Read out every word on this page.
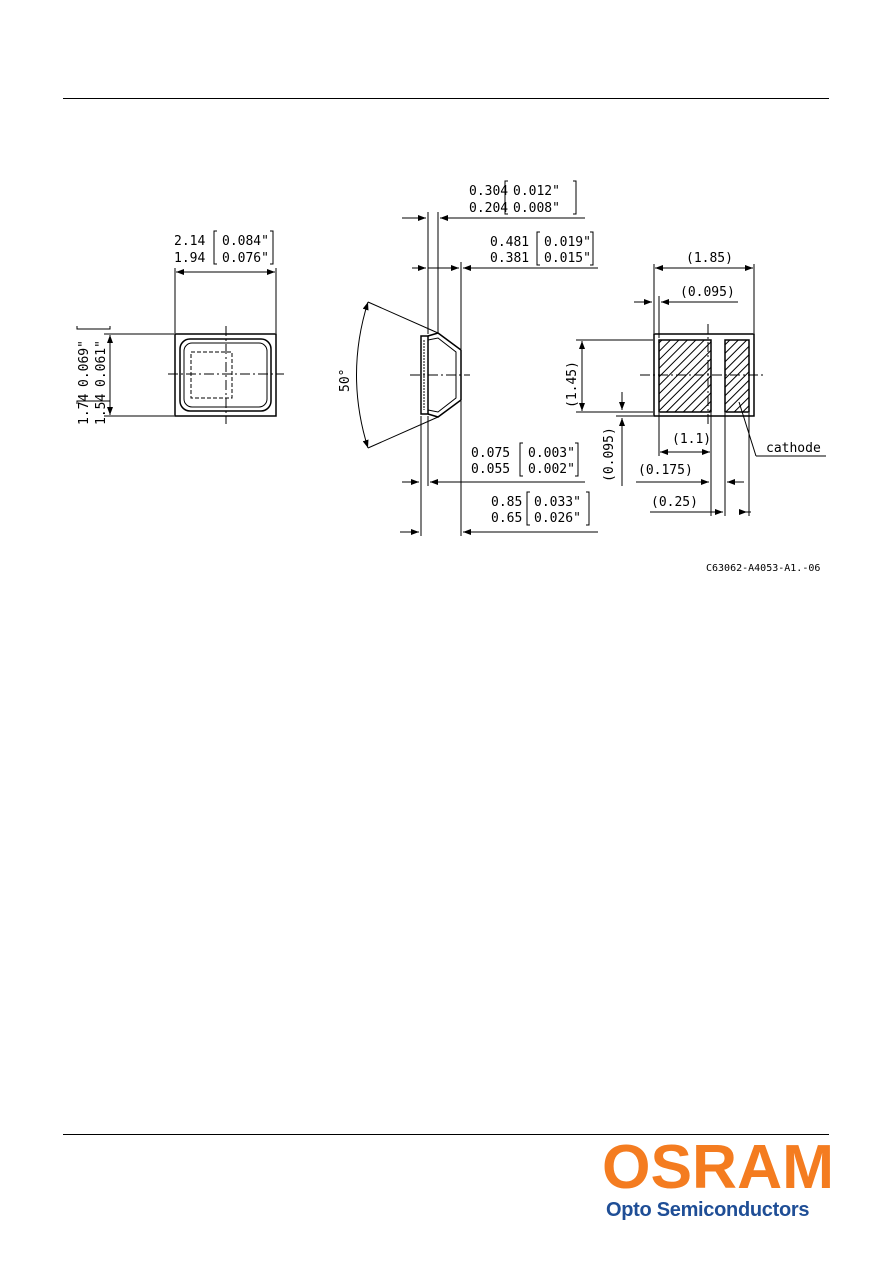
2.14 0.084"
1.94 0.076"
1.74
0.069"
1.54
0.061"	50°
0.304 0.012"
0.204 0.008"
0.481 0.019"
0.381 0.015"
0.075 0.003"
0.055 0.002"
0.85 0.033"
0.65 0.026"
(1.85)
(0.095)
(1.45)
(0.095)	(1.1)
(0.175)
(0.25)
cathode
C63062-A4053-A1.-06
OSRAM
Opto Semiconductors
